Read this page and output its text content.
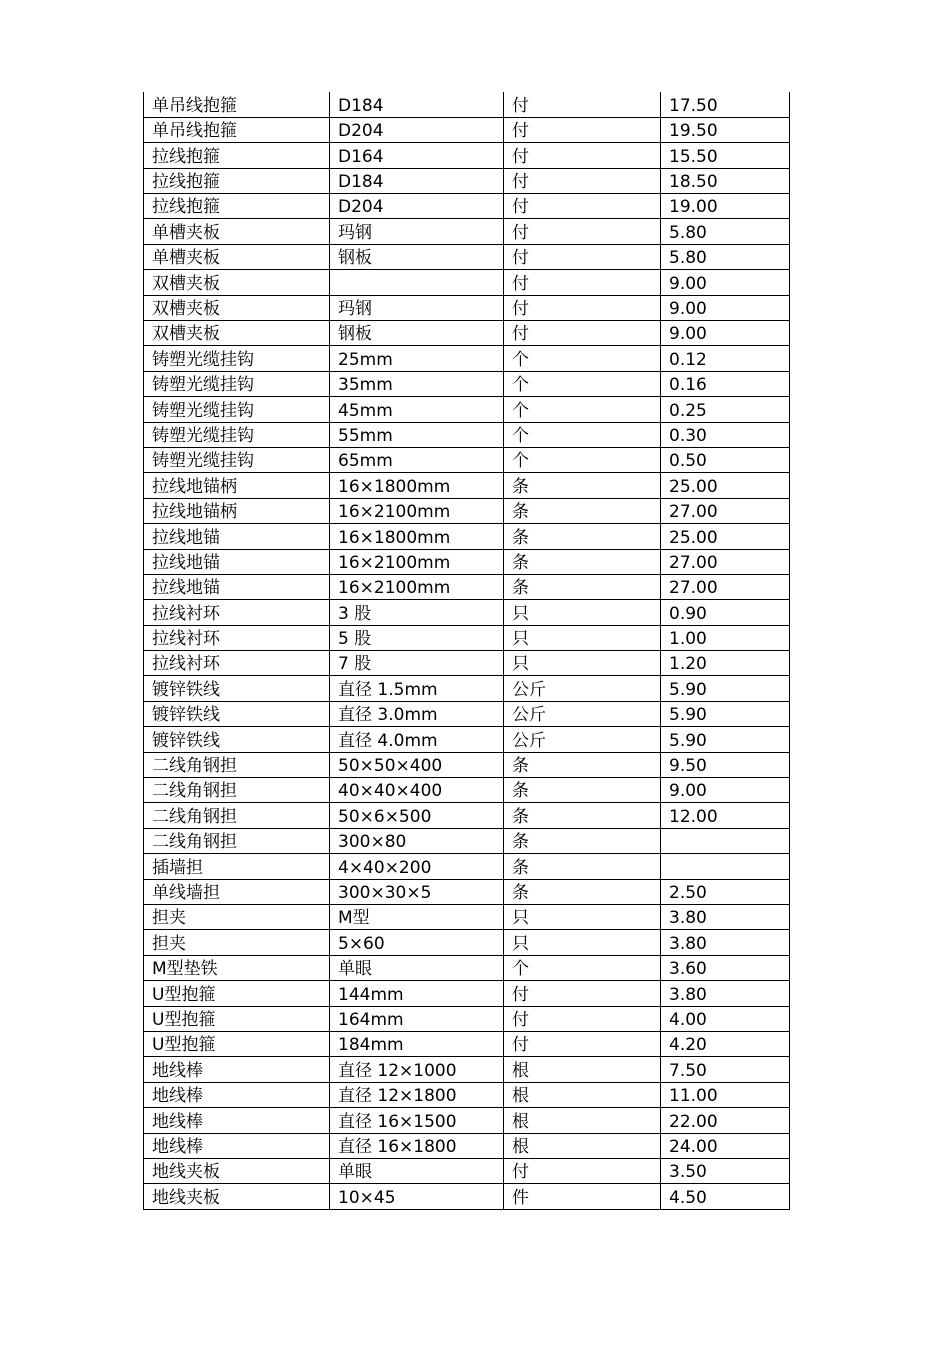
单吊线抱箍	D184	付	17.50
单吊线抱箍	D204	付	19.50
拉线抱箍	D164	付	15.50
拉线抱箍	D184	付	18.50
拉线抱箍	D204	付	19.00
单槽夹板	玛钢	付	5.80
单槽夹板	钢板	付	5.80
双槽夹板		付	9.00
双槽夹板	玛钢	付	9.00
双槽夹板	钢板	付	9.00
铸塑光缆挂钩	25mm	个	0.12
铸塑光缆挂钩	35mm	个	0.16
铸塑光缆挂钩	45mm	个	0.25
铸塑光缆挂钩	55mm	个	0.30
铸塑光缆挂钩	65mm	个	0.50
拉线地锚柄	16×1800mm	条	25.00
拉线地锚柄	16×2100mm	条	27.00
拉线地锚	16×1800mm	条	25.00
拉线地锚	16×2100mm	条	27.00
拉线地锚	16×2100mm	条	27.00
拉线衬环	3 股	只	0.90
拉线衬环	5 股	只	1.00
拉线衬环	7 股	只	1.20
镀锌铁线	直径 1.5mm	公斤	5.90
镀锌铁线	直径 3.0mm	公斤	5.90
镀锌铁线	直径 4.0mm	公斤	5.90
二线角钢担	50×50×400	条	9.50
二线角钢担	40×40×400	条	9.00
二线角钢担	50×6×500	条	12.00
二线角钢担	300×80	条	
插墙担	4×40×200	条	
单线墙担	300×30×5	条	2.50
担夹	M型	只	3.80
担夹	5×60	只	3.80
M型垫铁	单眼	个	3.60
U型抱箍	144mm	付	3.80
U型抱箍	164mm	付	4.00
U型抱箍	184mm	付	4.20
地线棒	直径 12×1000	根	7.50
地线棒	直径 12×1800	根	11.00
地线棒	直径 16×1500	根	22.00
地线棒	直径 16×1800	根	24.00
地线夹板	单眼	付	3.50
地线夹板	10×45	件	4.50
